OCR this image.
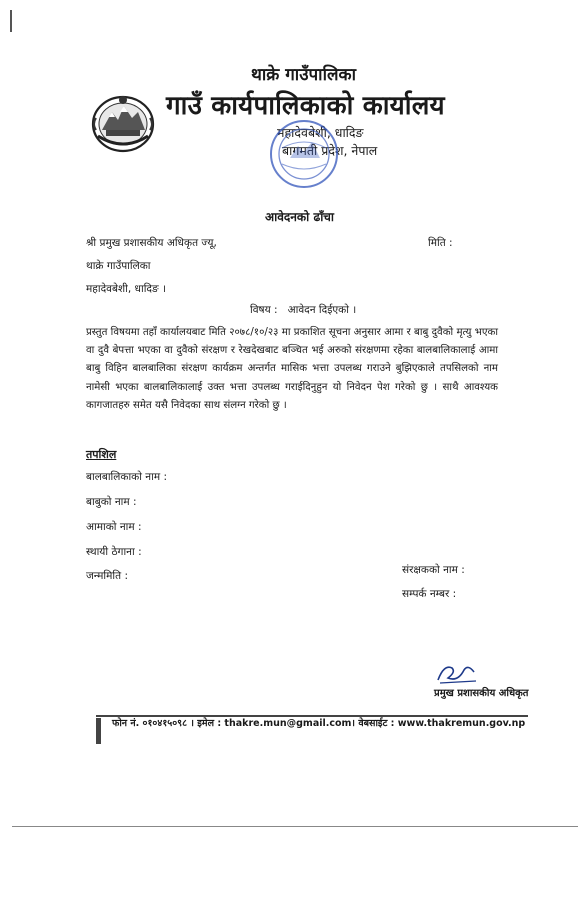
थाक्रे गाउँपालिका
गाउँ कार्यपालिकाको कार्यालय
महादेवबेशी, धादिङ
बागमती प्रदेश, नेपाल
आवेदनको ढाँचा
श्री प्रमुख प्रशासकीय अधिकृत ज्यू,
थाक्रे गाउँपालिका
महादेवबेशी, धादिङ ।
मिति :
विषय : आवेदन दिईएको ।
प्रस्तुत विषयमा तहाँ कार्यालयबाट मिति २०७८/१०/२३ मा प्रकाशित सूचना अनुसार आमा र बाबु दुवैको मृत्यु भएका वा दुवै बेपत्ता भएका वा दुवैको संरक्षण र रेखदेखबाट बञ्चित भई अरुको संरक्षणमा रहेका बालबालिकालाई आमा बाबु विहिन बालबालिका संरक्षण कार्यक्रम अन्तर्गत मासिक भत्ता उपलब्ध गराउने बुझिएकाले तपसिलको नाम नामेसी भएका बालबालिकालाई उक्त भत्ता उपलब्ध गराईदिनुहुन यो निवेदन पेश गरेको छु । साथै आवश्यक कागजातहरु समेत यसै निवेदका साथ संलग्न गरेको छु ।
तपशिल
बालबालिकाको नाम :
बाबुको नाम :
आमाको नाम :
स्थायी ठेगाना :
जन्ममिति :	संरक्षकको नाम :
सम्पर्क नम्बर :
प्रमुख प्रशासकीय अधिकृत
फोन नं. ०१०४१५०९८ । इमेल : thakre.mun@gmail.com। वेबसाईट : www.thakremun.gov.np
